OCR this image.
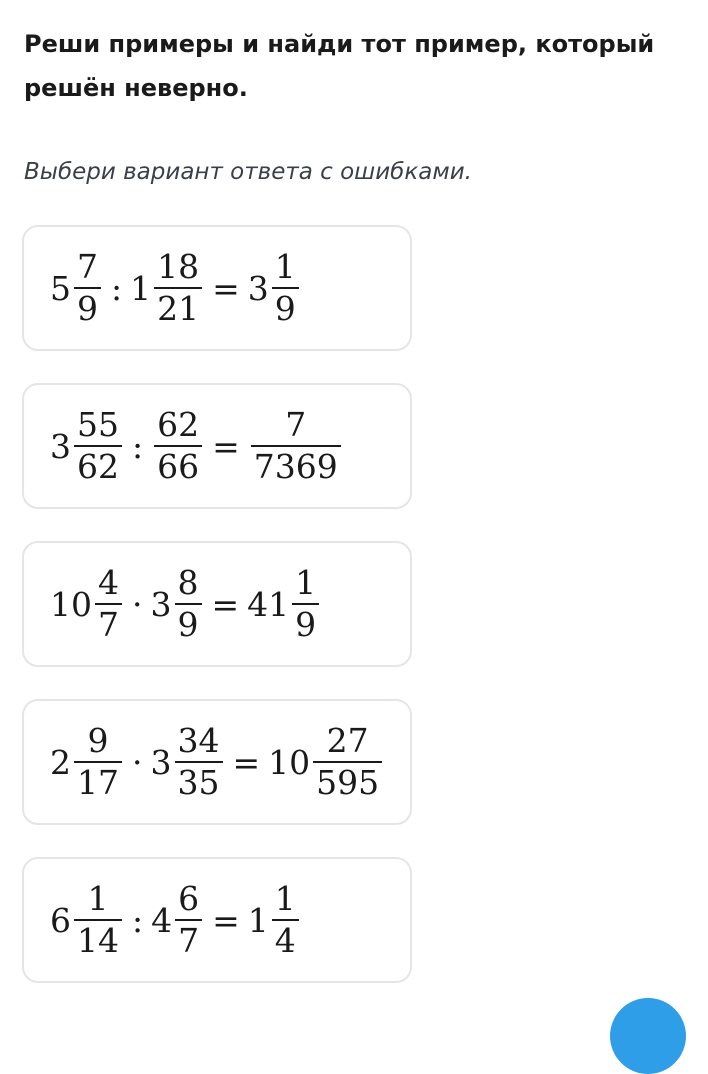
Реши примеры и найди тот пример, который решён неверно.
Выбери вариант ответа с ошибками.
$5 \frac{7}{9}$ : $1 \frac{18}{21} = 3 \frac{1}{9}$
$3 \frac{55}{62}$ : $\frac{62}{66} = \frac{7}{7369}$
$10 \frac{4}{7} \cdot 3 \frac{8}{9} = 41 \frac{1}{9}$
$2 \frac{9}{17} \cdot 3 \frac{34}{35} = 10 \frac{27}{595}$
$6 \frac{1}{14}$ : $4 \frac{6}{7} = 1 \frac{1}{4}$
